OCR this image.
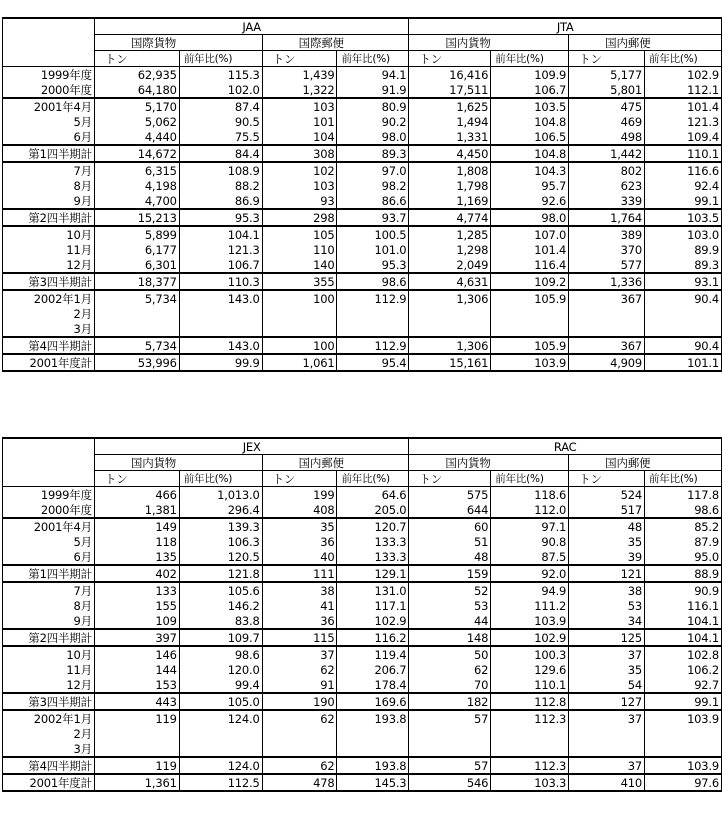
	JAA				JTA			
	国際貨物		国際郵便		国内貨物		国内郵便	
	トン	前年比(%)	トン	前年比(%)	トン	前年比(%)	トン	前年比(%)
1999年度	62,935	115.3	1,439	94.1	16,416	109.9	5,177	102.9
2000年度	64,180	102.0	1,322	91.9	17,511	106.7	5,801	112.1
2001年4月	5,170	87.4	103	80.9	1,625	103.5	475	101.4
5月	5,062	90.5	101	90.2	1,494	104.8	469	121.3
6月	4,440	75.5	104	98.0	1,331	106.5	498	109.4
第1四半期計	14,672	84.4	308	89.3	4,450	104.8	1,442	110.1
7月	6,315	108.9	102	97.0	1,808	104.3	802	116.6
8月	4,198	88.2	103	98.2	1,798	95.7	623	92.4
9月	4,700	86.9	93	86.6	1,169	92.6	339	99.1
第2四半期計	15,213	95.3	298	93.7	4,774	98.0	1,764	103.5
10月	5,899	104.1	105	100.5	1,285	107.0	389	103.0
11月	6,177	121.3	110	101.0	1,298	101.4	370	89.9
12月	6,301	106.7	140	95.3	2,049	116.4	577	89.3
第3四半期計	18,377	110.3	355	98.6	4,631	109.2	1,336	93.1
2002年1月	5,734	143.0	100	112.9	1,306	105.9	367	90.4
2月								
3月								
第4四半期計	5,734	143.0	100	112.9	1,306	105.9	367	90.4
2001年度計	53,996	99.9	1,061	95.4	15,161	103.9	4,909	101.1
	JEX				RAC			
	国内貨物		国内郵便		国内貨物		国内郵便	
	トン	前年比(%)	トン	前年比(%)	トン	前年比(%)	トン	前年比(%)
1999年度	466	1,013.0	199	64.6	575	118.6	524	117.8
2000年度	1,381	296.4	408	205.0	644	112.0	517	98.6
2001年4月	149	139.3	35	120.7	60	97.1	48	85.2
5月	118	106.3	36	133.3	51	90.8	35	87.9
6月	135	120.5	40	133.3	48	87.5	39	95.0
第1四半期計	402	121.8	111	129.1	159	92.0	121	88.9
7月	133	105.6	38	131.0	52	94.9	38	90.9
8月	155	146.2	41	117.1	53	111.2	53	116.1
9月	109	83.8	36	102.9	44	103.9	34	104.1
第2四半期計	397	109.7	115	116.2	148	102.9	125	104.1
10月	146	98.6	37	119.4	50	100.3	37	102.8
11月	144	120.0	62	206.7	62	129.6	35	106.2
12月	153	99.4	91	178.4	70	110.1	54	92.7
第3四半期計	443	105.0	190	169.6	182	112.8	127	99.1
2002年1月	119	124.0	62	193.8	57	112.3	37	103.9
2月								
3月								
第4四半期計	119	124.0	62	193.8	57	112.3	37	103.9
2001年度計	1,361	112.5	478	145.3	546	103.3	410	97.6
